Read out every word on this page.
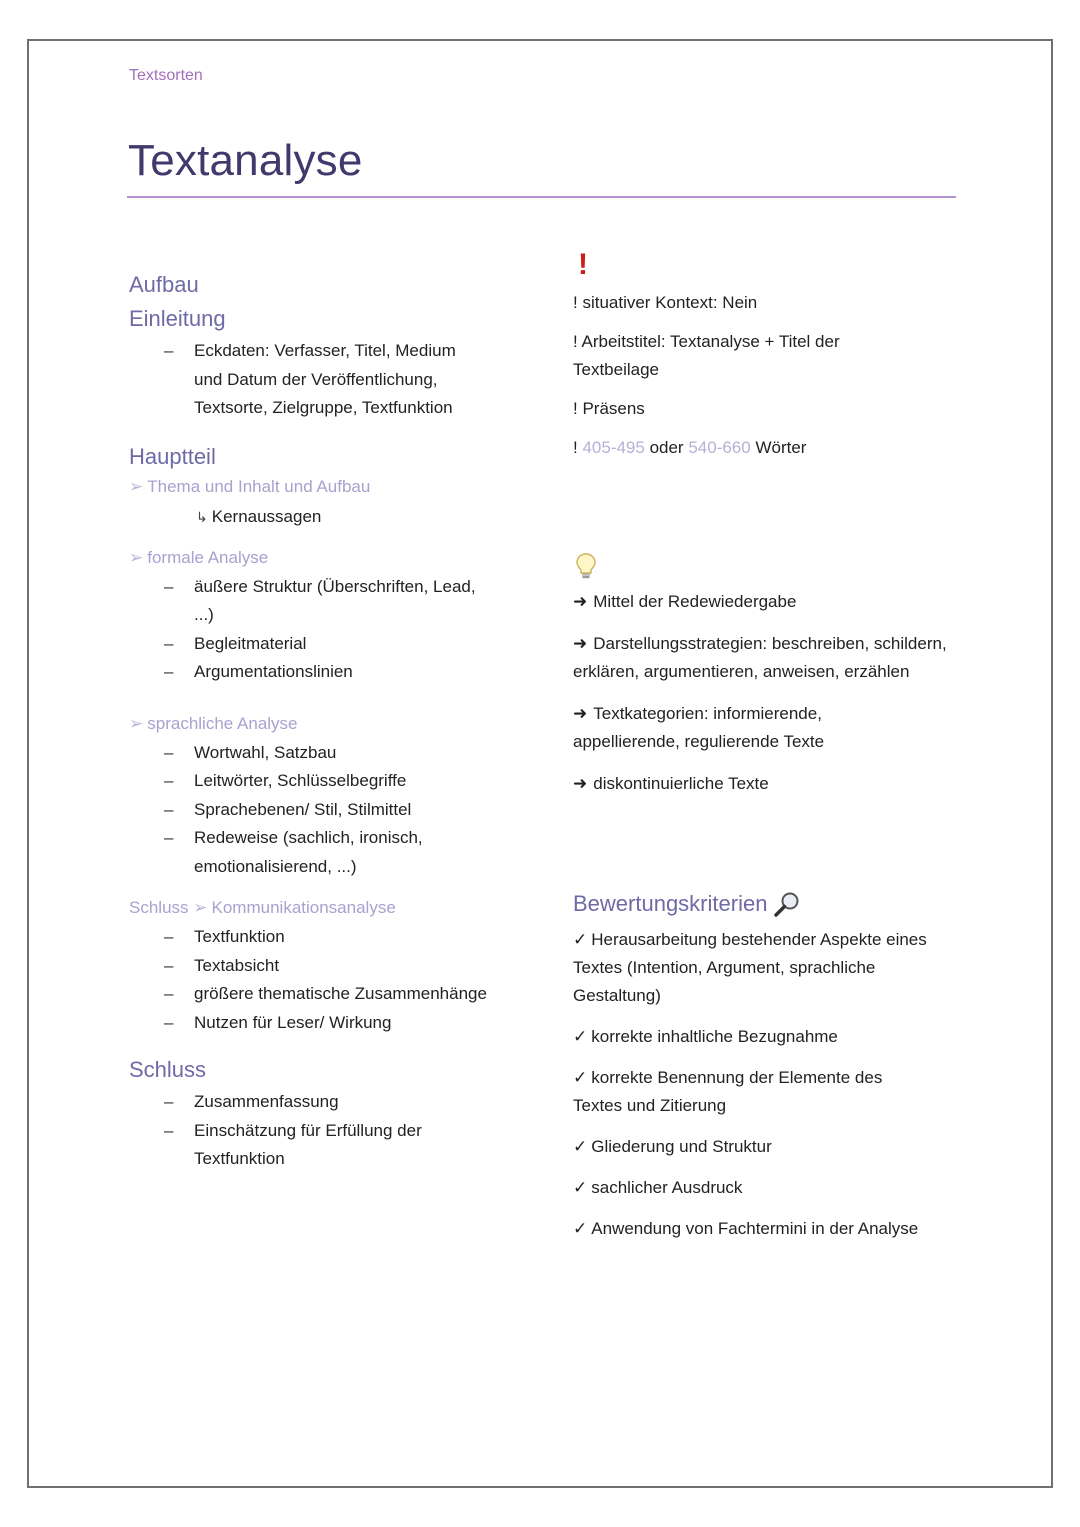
Textsorten
Textanalyse
Aufbau
Einleitung
– Eckdaten: Verfasser, Titel, Medium
und Datum der Veröffentlichung,
Textsorte, Zielgruppe, Textfunktion
Hauptteil
➢ Thema und Inhalt und Aufbau
↳ Kernaussagen
➢ formale Analyse
– äußere Struktur (Überschriften, Lead,
...)
– Begleitmaterial
– Argumentationslinien
➢ sprachliche Analyse
– Wortwahl, Satzbau
– Leitwörter, Schlüsselbegriffe
– Sprachebenen/ Stil, Stilmittel
– Redeweise (sachlich, ironisch,
emotionalisierend, ...)
Schluss ➢ Kommunikationsanalyse
– Textfunktion
– Textabsicht
– größere thematische Zusammenhänge
– Nutzen für Leser/ Wirkung
Schluss
– Zusammenfassung
– Einschätzung für Erfüllung der
Textfunktion
!
! situativer Kontext: Nein
! Arbeitstitel: Textanalyse + Titel der Textbeilage
! Präsens
! 405-495 oder 540-660 Wörter
➜ Mittel der Redewiedergabe
➜ Darstellungsstrategien: beschreiben, schildern, erklären, argumentieren, anweisen, erzählen
➜ Textkategorien: informierende, appellierende, regulierende Texte
➜ diskontinuierliche Texte
Bewertungskriterien
✓ Herausarbeitung bestehender Aspekte eines Textes (Intention, Argument, sprachliche Gestaltung)
✓ korrekte inhaltliche Bezugnahme
✓ korrekte Benennung der Elemente des Textes und Zitierung
✓ Gliederung und Struktur
✓ sachlicher Ausdruck
✓ Anwendung von Fachtermini in der Analyse
